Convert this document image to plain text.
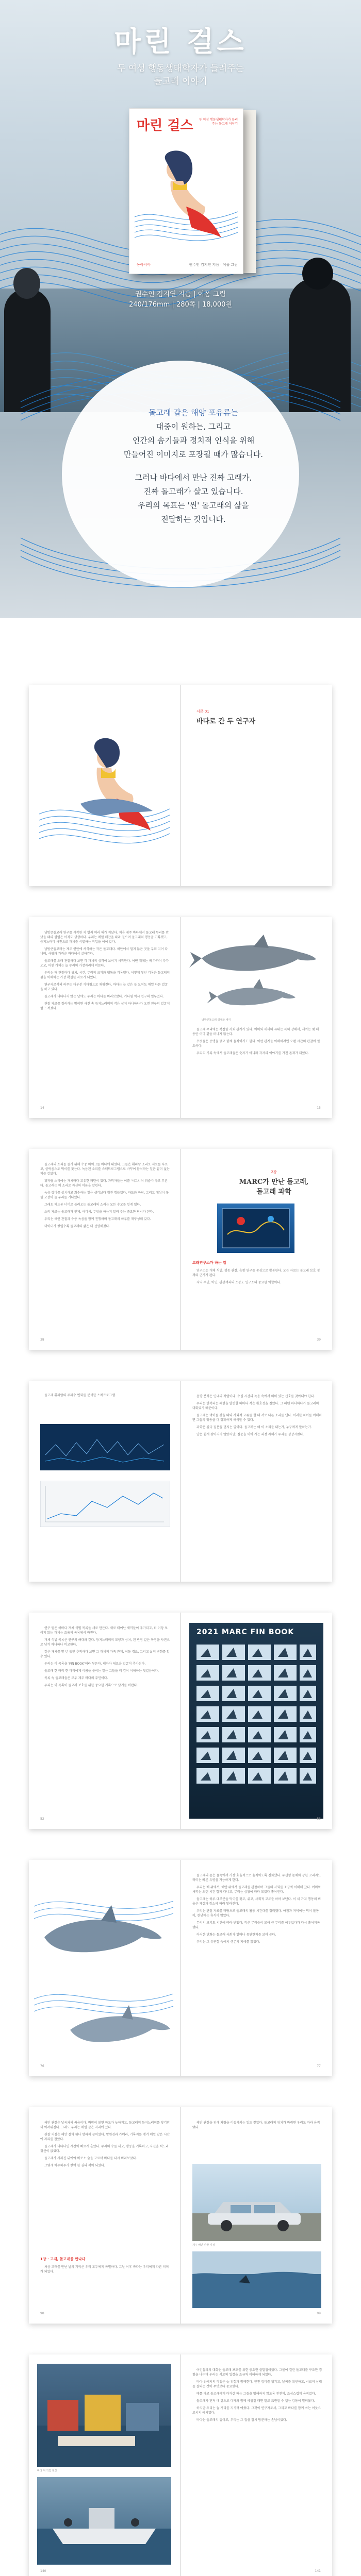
마린 걸스
두 여성 행동생태학자가 들려주는
돌고래 이야기
마린 걸스	두 여성 행동생태학자가 들려주는 돌고래 이야기
동아시아	권수인 김지연 지음 · 이폼 그림
권수인 김지연 지음 | 이폼 그림
240/176mm | 280쪽 | 18,000원

돌고래 같은 해양 포유류는

대중이 원하는, 그리고

인간의 솜기들과 정치적 인식을 위해

만들어진 이미지로 포장될 때가 많습니다.

그러나 바다에서 만난 진짜 고래가,

진짜 돌고래가 살고 있습니다.

우리의 목표는 '썬' 돌고래의 삶을

전달하는 것입니다.

서문 01
바다로 간 두 연구자

남방큰돌고래 연구를 시작한 지 벌써 여러 해가 지났다. 처음 제주 바다에서 돌고래 무리를 만났을 때의 설렘은 아직도 생생하다. 우리는 매일 해안을 따라 걸으며 돌고래의 행동을 기록했고, 등지느러미 사진으로 개체를 식별하는 작업을 이어 갔다.

남방큰돌고래는 제주 연안에 서식하는 작은 돌고래다. 해안에서 멀지 않은 곳을 무리 지어 다니며, 사람과 가까운 바다에서 살아간다.

돌고래를 오래 관찰하다 보면 각 개체의 성격이 보이기 시작한다. 어떤 개체는 배 가까이 다가오고, 어떤 개체는 늘 무리의 가장자리에 머문다.

우리는 매 관찰마다 위치, 시간, 무리의 크기와 행동을 기록했다. 이렇게 쌓인 기록은 돌고래의 삶을 이해하는 가장 확실한 자료가 되었다.

연구자로서의 하루는 대부분 기다림으로 채워진다. 바다는 늘 같은 듯 보여도 매일 다른 얼굴을 하고 있다.

돌고래가 나타나지 않는 날에도 우리는 바다를 바라보았다. 기다림 역시 연구의 일부였다.

관찰 자료를 정리하는 밤이면 사진 속 등지느러미의 작은 상처 하나하나가 오랜 친구의 얼굴처럼 느껴졌다.

14
남방큰돌고래 성체와 새끼

돌고래 무리에는 복잡한 사회 관계가 있다. 어미와 새끼의 유대는 특히 강해서, 새끼는 몇 해 동안 어미 곁을 떠나지 않는다.

수컷들은 동맹을 맺고 함께 움직이기도 한다. 이런 관계를 이해하려면 오랜 시간의 관찰이 필요하다.

우리의 기록 속에서 돌고래들은 숫자가 아니라 각자의 이야기를 가진 존재가 되었다.

15

돌고래의 소리를 듣기 위해 수중 마이크를 바다에 내렸다. 그들은 휘파람 소리로 서로를 부르고, 클릭음으로 먹이를 찾는다. 녹음된 소리를 스펙트로그램으로 바꾸어 분석하는 일은 끝이 없는 퍼즐 같았다.

휘파람 소리에는 개체마다 고유한 패턴이 있다. 과학자들은 이를 '시그니처 휘슬'이라고 부른다. 돌고래는 이 소리로 자신의 이름을 알린다.

녹음 장비를 설치하고 회수하는 일은 생각보다 훨씬 힘들었다. 파도와 바람, 그리고 예상치 못한 고장이 늘 우리를 기다렸다.

그래도 헤드폰 너머로 들려오는 돌고래의 소리는 모든 수고를 잊게 했다.

소리 자료는 돌고래가 언제, 어디서, 무엇을 하는지 알려 주는 중요한 단서가 된다.

우리는 해안 관찰과 수중 녹음을 함께 진행하며 돌고래의 하루를 재구성해 갔다.

데이터가 쌓일수록 돌고래의 삶은 더 선명해졌다.

38
2장
MARC가 만난 돌고래, 돌고래 과학
고래연구소가 하는 일

연구소는 개체 식별, 행동 관찰, 음향 연구를 중심으로 활동한다. 모든 자료는 돌고래 보호 정책의 근거가 된다.

지역 주민, 어민, 관광객과의 소통도 연구소의 중요한 역할이다.

39

돌고래 휘파람의 주파수 변화를 분석한 스펙트로그램.	음향 분석은 인내의 작업이다. 수십 시간의 녹음 속에서 의미 있는 신호를 찾아내야 한다.

우리는 반복되는 패턴을 발견할 때마다 작은 환호성을 질렀다. 그 패턴 하나하나가 돌고래의 대화였기 때문이다.

돌고래는 먹이를 찾을 때와 사회적 교류를 할 때 서로 다른 소리를 낸다. 이러한 차이를 이해하면 그들의 행동을 더 정확하게 해석할 수 있다.

과학은 결국 질문을 던지는 일이다. 돌고래는 왜 이 소리를 내는가, 누구에게 말하는가.

답은 쉽게 찾아지지 않았지만, 질문을 이어 가는 과정 자체가 우리를 성장시켰다.

연구 팀은 해마다 개체 식별 목록을 새로 만든다. 새로 태어난 새끼들이 추가되고, 더 이상 보이지 않는 개체는 조용히 목록에서 빠진다.

개체 식별 목록은 연구의 뼈대와 같다. 등지느러미의 모양과 상처, 흰 반점 같은 특징을 사진으로 남겨 하나하나 비교한다.

같은 개체를 몇 년 동안 추적하다 보면 그 개체의 가족 관계, 이동 경로, 그리고 삶의 변화를 알 수 있다.

우리는 이 목록을 'FIN BOOK'이라 부른다. 해마다 새로운 얼굴이 추가된다.

돌고래 한 마리 한 마리에게 이름을 붙이는 일은 그들을 더 깊이 이해하는 첫걸음이다.

목록 속 돌고래들은 모두 제주 바다의 주민이다.

우리는 이 목록이 돌고래 보호를 위한 중요한 기록으로 남기를 바란다.

52
2021 MARC FIN BOOK
53
76

돌고래의 몸은 물속에서 가장 효율적으로 움직이도록 진화했다. 유선형 몸체와 강한 꼬리지느러미는 빠른 유영을 가능하게 한다.

우리는 배 위에서, 해안 위에서 돌고래를 관찰하며 그들의 사회를 조금씩 이해해 갔다. 어미와 새끼는 오랜 시간 함께 다니고, 무리는 상황에 따라 모였다 흩어진다.

돌고래는 하루 대부분을 먹이를 찾고, 쉬고, 사회적 교류를 하며 보낸다. 이 세 가지 행동의 비율은 계절과 장소에 따라 달라진다.

우리는 관찰 자료를 바탕으로 돌고래의 활동 시간대를 정리했다. 아침과 저녁에는 먹이 활동이, 한낮에는 휴식이 많았다.

무리의 크기도 시간에 따라 변했다. 작은 무리들이 모여 큰 무리를 이루었다가 다시 흩어지곤 했다.

이러한 변화는 돌고래 사회가 얼마나 유연한지를 보여 준다.

우리는 그 유연함 속에서 생존의 지혜를 읽었다.

77

해안 관찰은 날씨와의 싸움이다. 바람이 불면 파도가 높아지고, 돌고래의 등지느러미를 찾기란 더 어려워진다. 그래도 우리는 매일 같은 자리에 섰다.

관찰 지점은 해안 절벽 위나 방파제 끝이었다. 망원경과 카메라, 기록지를 챙겨 매일 같은 시간에 자리를 잡았다.

돌고래가 나타나면 시간이 빠르게 흘렀다. 무리의 수를 세고, 행동을 기록하고, 사진을 찍느라 정신이 없었다.

돌고래가 사라진 뒤에야 비로소 숨을 고르며 바다를 다시 바라보았다.

그렇게 하루하루가 쌓여 한 권의 책이 되었다.

1장 · 고래, 돌고래를 만나다

처음 고래를 만난 날의 기억은 우리 모두에게 특별하다. 그날 이후 바다는 우리에게 다른 의미가 되었다.

98

해안 관찰을 위해 차량을 이동시키는 일도 잦았다. 돌고래의 위치가 바뀌면 우리도 따라 움직였다.

제주 해안 관찰 지점
99
바다 위 작업 현장
140

어민들과의 대화는 돌고래 보호를 위한 중요한 출발점이었다. 그물에 걸린 돌고래를 구조한 경험을 나누며 우리는 서로의 입장을 조금씩 이해하게 되었다.

바다 위에서의 작업은 늘 위험과 함께한다. 안전 장비를 챙기고, 날씨를 확인하고, 서로의 상태를 살피는 것이 무엇보다 중요했다.

배를 타고 돌고래에게 다가갈 때는 그들을 방해하지 않도록 천천히, 조심스럽게 움직였다.

돌고래가 먼저 배 곁으로 다가와 함께 헤엄칠 때면 말로 표현할 수 없는 감동이 밀려왔다.

하지만 우리는 늘 거리를 지키려 애썼다. 그것이 연구자로서, 그리고 바다를 함께 쓰는 이웃으로서의 예의였다.

바다는 돌고래의 집이고, 우리는 그 집을 잠시 방문하는 손님이었다.

141
